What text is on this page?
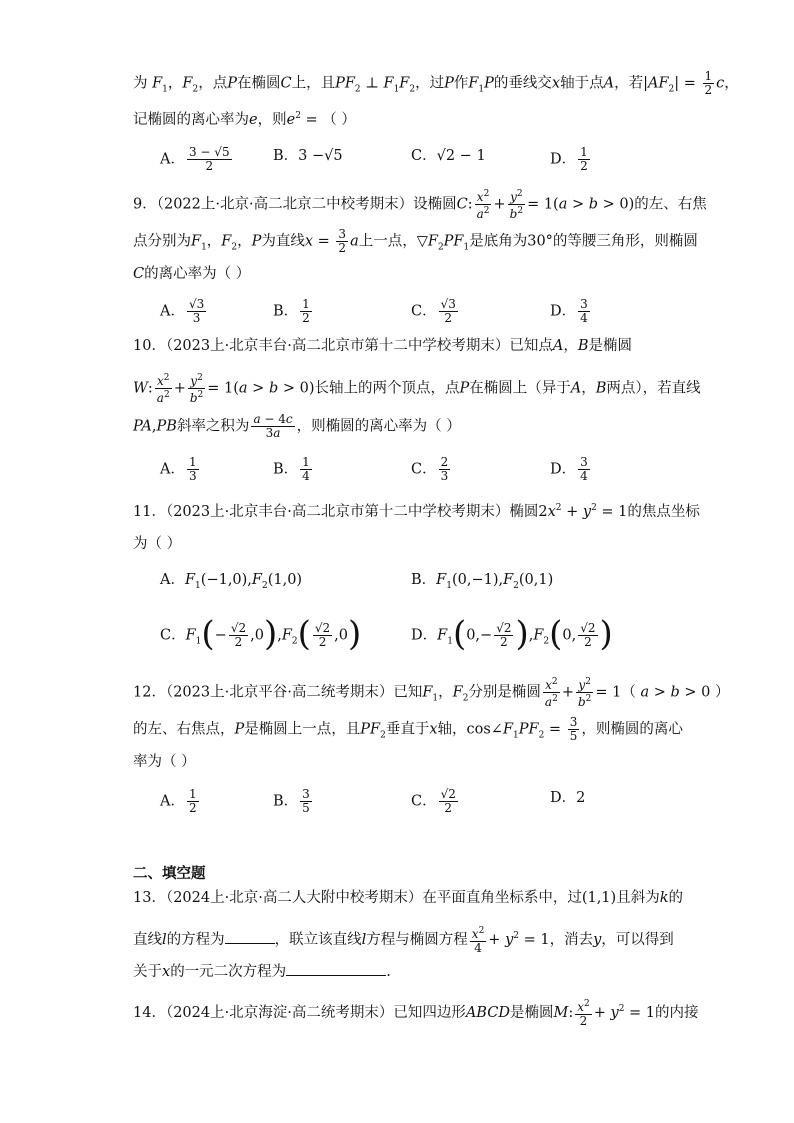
为 $F_1$，$F_2$，点P在椭圆C上，且$PF_2$ ⊥ $F_1F_2$，过P作$F_1P$的垂线交x轴于点A，若$|AF_2| = \frac{1}{2}$ c，
记椭圆的离心率为e，则$e^2$ = （ ）
A． $\frac{3 - √5}{2}$	B．3 −√5	C．√2 − 1	D． $\frac{1}{2}$
9．（2022上·北京·高二北京二中校考期末）设椭圆C: $\frac{x^2}{a^2} + \frac{y^2}{b^2} = 1(a > b > 0)$的左、右焦
点分别为$F_1$，$F_2$，P为直线$x = \frac{3}{2}$ a上一点，$▽F_2PF_1$是底角为30°的等腰三角形，则椭圆
C的离心率为（ ）
A． $\frac{√3}{3}$	B． $\frac{1}{2}$	C． $\frac{√3}{2}$	D． $\frac{3}{4}$
10．（2023上·北京丰台·高二北京市第十二中学校考期末）已知点A，B是椭圆
W: $\frac{x^2}{a^2} + \frac{y^2}{b^2} = 1(a > b > 0)$长轴上的两个顶点，点P在椭圆上（异于A，B两点），若直线
PA,PB斜率之积为 $\frac{a - 4c}{3a}$ ，则椭圆的离心率为（ ）
A． $\frac{1}{3}$	B． $\frac{1}{4}$	C． $\frac{2}{3}$	D． $\frac{3}{4}$
11．（2023上·北京丰台·高二北京市第十二中学校考期末）椭圆$2x^2 + y^2 = 1$的焦点坐标
为（ ）
A．$F_1(-1,0),F_2(1,0)$	B．$F_1(0,-1),F_2(0,1)$
C．$F_1(- \frac{√2}{2} ,0),F_2( \frac{√2}{2} ,0)$	D．$F_1(0,- \frac{√2}{2} ),F_2(0$, $\frac{√2}{2}$ )
12．（2023上·北京平谷·高二统考期末）已知$F_1$，$F_2$分别是椭圆 $\frac{x^2}{a^2} + \frac{y^2}{b^2} = 1$（ a > b > 0 ）
的左、右焦点，P是椭圆上一点，且$PF_2$垂直于x轴，$\cos\angle F_1PF_2 = \frac{3}{5}$ ，则椭圆的离心
率为（ ）
A． $\frac{1}{2}$	B． $\frac{3}{5}$	C． $\frac{√2}{2}$	D．2
二、填空题
13．（2024上·北京·高二人大附中校考期末）在平面直角坐标系中，过(1,1)且斜为k的
直线l的方程为	，联立该直线l方程与椭圆方程 $\frac{x^2}{4} + y^2 = 1$，消去y，可以得到
关于x的一元二次方程为	.
14．（2024上·北京海淀·高二统考期末）已知四边形ABCD是椭圆M: $\frac{x^2}{2} + y^2 = 1$的内接
